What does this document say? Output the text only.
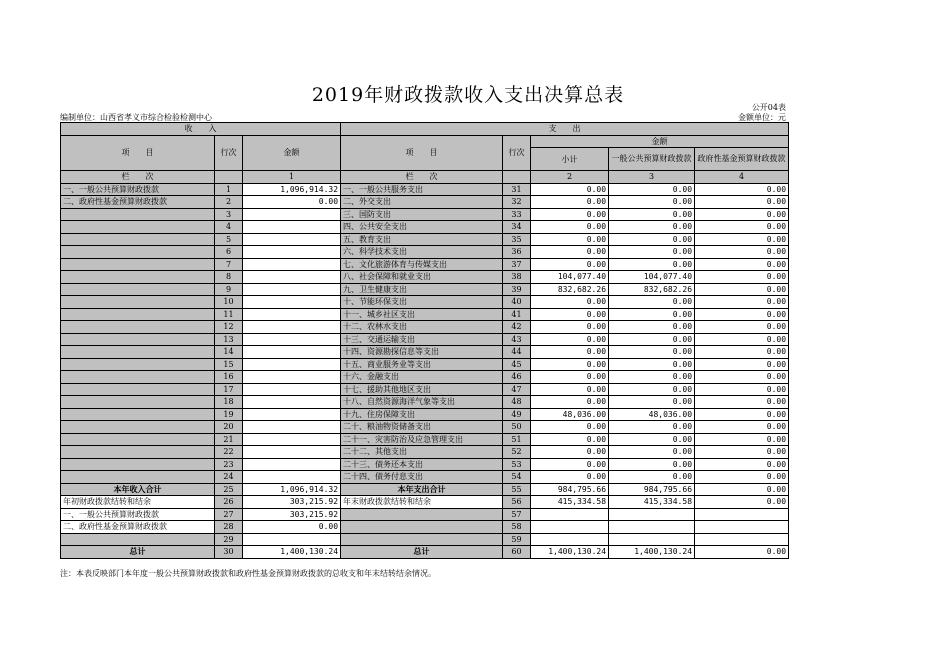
2019年财政拨款收入支出决算总表
公开04表
编制单位：山西省孝义市综合检验检测中心	金额单位：元
收　　入			支　　出				
项　　目	行次	金额	项　　目	行次	金额		
					小计	一般公共预算财政拨款	政府性基金预算财政拨款
栏　　次		1	栏　　次		2	3	4
一、一般公共预算财政拨款	1	1,096,914.32	一、一般公共服务支出	31	0.00	0.00	0.00
二、政府性基金预算财政拨款	2	0.00	二、外交支出	32	0.00	0.00	0.00
	3		三、国防支出	33	0.00	0.00	0.00
	4		四、公共安全支出	34	0.00	0.00	0.00
	5		五、教育支出	35	0.00	0.00	0.00
	6		六、科学技术支出	36	0.00	0.00	0.00
	7		七、文化旅游体育与传媒支出	37	0.00	0.00	0.00
	8		八、社会保障和就业支出	38	104,077.40	104,077.40	0.00
	9		九、卫生健康支出	39	832,682.26	832,682.26	0.00
	10		十、节能环保支出	40	0.00	0.00	0.00
	11		十一、城乡社区支出	41	0.00	0.00	0.00
	12		十二、农林水支出	42	0.00	0.00	0.00
	13		十三、交通运输支出	43	0.00	0.00	0.00
	14		十四、资源勘探信息等支出	44	0.00	0.00	0.00
	15		十五、商业服务业等支出	45	0.00	0.00	0.00
	16		十六、金融支出	46	0.00	0.00	0.00
	17		十七、援助其他地区支出	47	0.00	0.00	0.00
	18		十八、自然资源海洋气象等支出	48	0.00	0.00	0.00
	19		十九、住房保障支出	49	48,036.00	48,036.00	0.00
	20		二十、粮油物资储备支出	50	0.00	0.00	0.00
	21		二十一、灾害防治及应急管理支出	51	0.00	0.00	0.00
	22		二十二、其他支出	52	0.00	0.00	0.00
	23		二十三、债务还本支出	53	0.00	0.00	0.00
	24		二十四、债务付息支出	54	0.00	0.00	0.00
本年收入合计	25	1,096,914.32	本年支出合计	55	984,795.66	984,795.66	0.00
年初财政拨款结转和结余	26	303,215.92	年末财政拨款结转和结余	56	415,334.58	415,334.58	0.00
一、一般公共预算财政拨款	27	303,215.92		57			
二、政府性基金预算财政拨款	28	0.00		58			
	29			59			
总计	30	1,400,130.24	总计	60	1,400,130.24	1,400,130.24	0.00
注：本表反映部门本年度一般公共预算财政拨款和政府性基金预算财政拨款的总收支和年末结转结余情况。
